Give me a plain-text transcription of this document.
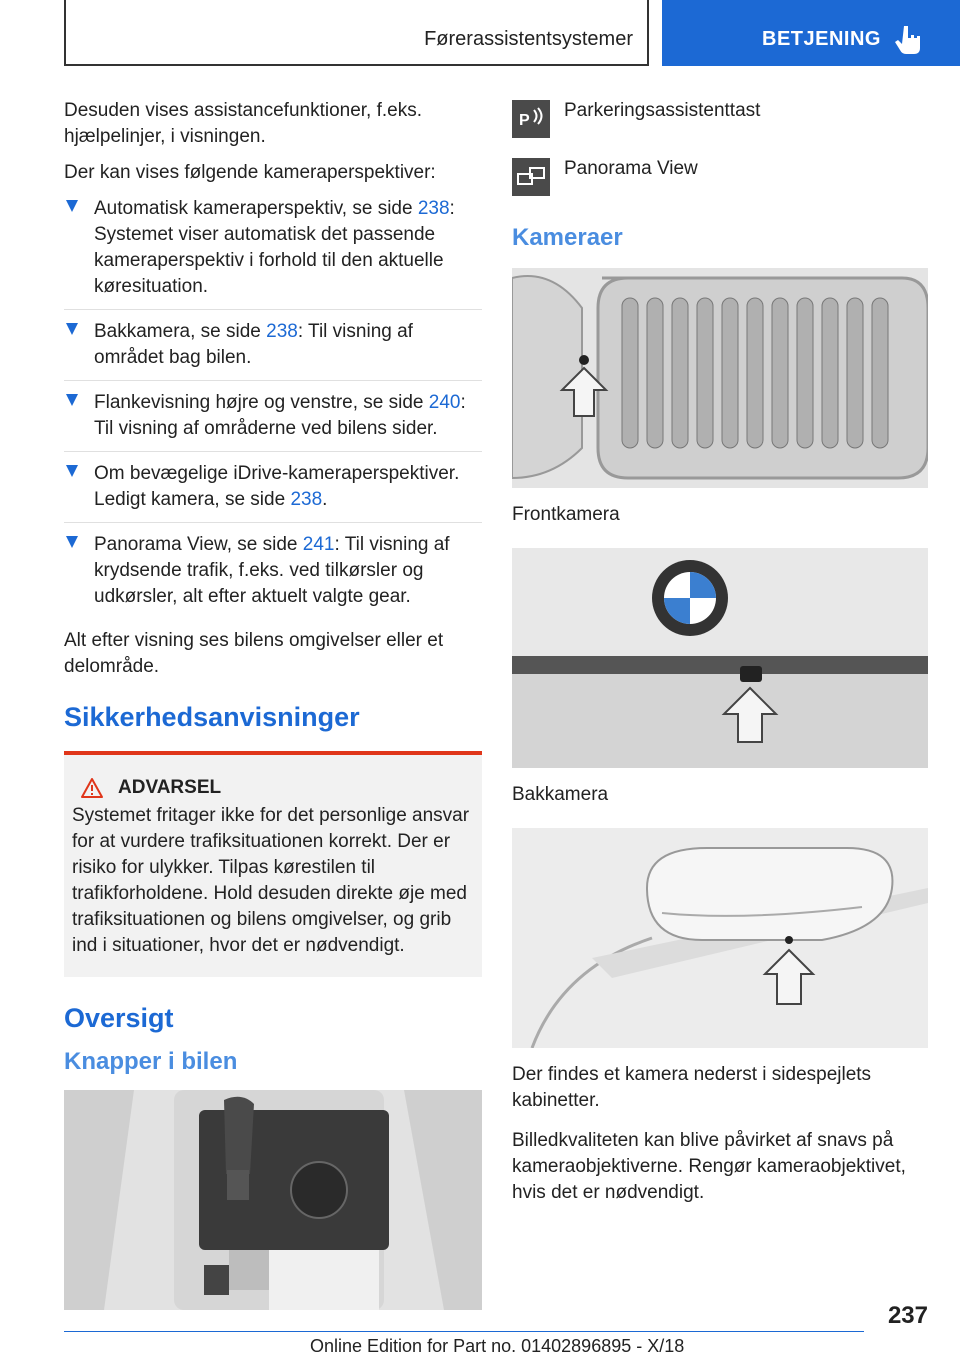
Førerassistentsystemer	BETJENING

Desuden vises assistancefunktioner, f.eks. hjælpelinjer, i visningen.

Der kan vises følgende kameraperspektiver:

Automatisk kameraperspektiv, se side 238: Systemet viser automatisk det passende kameraperspektiv i forhold til den aktuelle køresituation.
Bakkamera, se side 238: Til visning af området bag bilen.
Flankevisning højre og venstre, se side 240: Til visning af områderne ved bilens sider.
Om bevægelige iDrive-kameraperspektiver. Ledigt kamera, se side 238.
Panorama View, se side 241: Til visning af krydsende trafik, f.eks. ved tilkørsler og udkørsler, alt efter aktuelt valgte gear.

Alt efter visning ses bilens omgivelser eller et delområde.

Sikkerhedsanvisninger
ADVARSEL
Systemet fritager ikke for det personlige ansvar for at vurdere trafiksituationen korrekt. Der er risiko for ulykker. Tilpas kørestilen til trafikforholdene. Hold desuden direkte øje med trafiksituationen og bilens omgivelser, og grib ind i situationer, hvor det er nødvendigt.
Oversigt
Knapper i bilen
P Parkeringsassistenttast
Panorama View
Kameraer
Frontkamera
Bakkamera

Der findes et kamera nederst i sidespejlets kabinetter.

Billedkvaliteten kan blive påvirket af snavs på kameraobjektiverne. Rengør kameraobjektivet, hvis det er nødvendigt.

237
Online Edition for Part no. 01402896895 - X/18
